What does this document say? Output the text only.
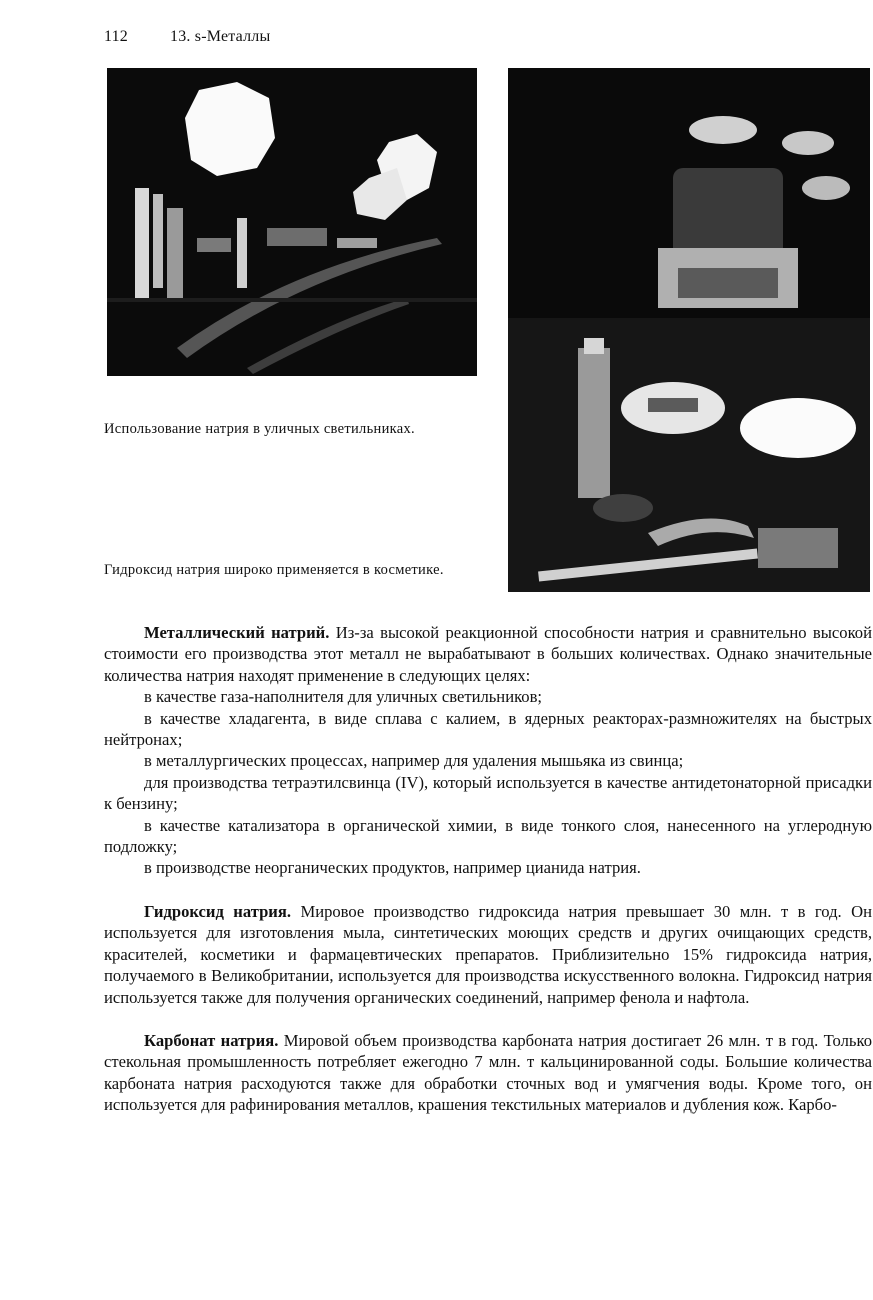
112	13. s-Металлы
Использование натрия в уличных светильниках.
Гидроксид натрия широко применяется в косметике.

Металлический натрий. Из-за высокой реакционной способности натрия и сравнительно высокой стоимости его производства этот металл не вырабатывают в больших количествах. Однако значительные количества натрия находят применение в следующих целях:

в качестве газа-наполнителя для уличных светильников;

в качестве хладагента, в виде сплава с калием, в ядерных реакторах-размножителях на быстрых нейтронах;

в металлургических процессах, например для удаления мышьяка из свинца;

для производства тетраэтилсвинца (IV), который используется в качестве антидетонаторной присадки к бензину;

в качестве катализатора в органической химии, в виде тонкого слоя, нанесенного на углеродную подложку;

в производстве неорганических продуктов, например цианида натрия.

Гидроксид натрия. Мировое производство гидроксида натрия превышает 30 млн. т в год. Он используется для изготовления мыла, синтетических моющих средств и других очищающих средств, красителей, косметики и фармацевтических препаратов. Приблизительно 15% гидроксида натрия, получаемого в Великобритании, используется для производства искусственного волокна. Гидроксид натрия используется также для получения органических соединений, например фенола и нафтола.

Карбонат натрия. Мировой объем производства карбоната натрия достигает 26 млн. т в год. Только стекольная промышленность потребляет ежегодно 7 млн. т кальцинированной соды. Большие количества карбоната натрия расходуются также для обработки сточных вод и умягчения воды. Кроме того, он используется для рафинирования металлов, крашения текстильных материалов и дубления кож. Карбо-
